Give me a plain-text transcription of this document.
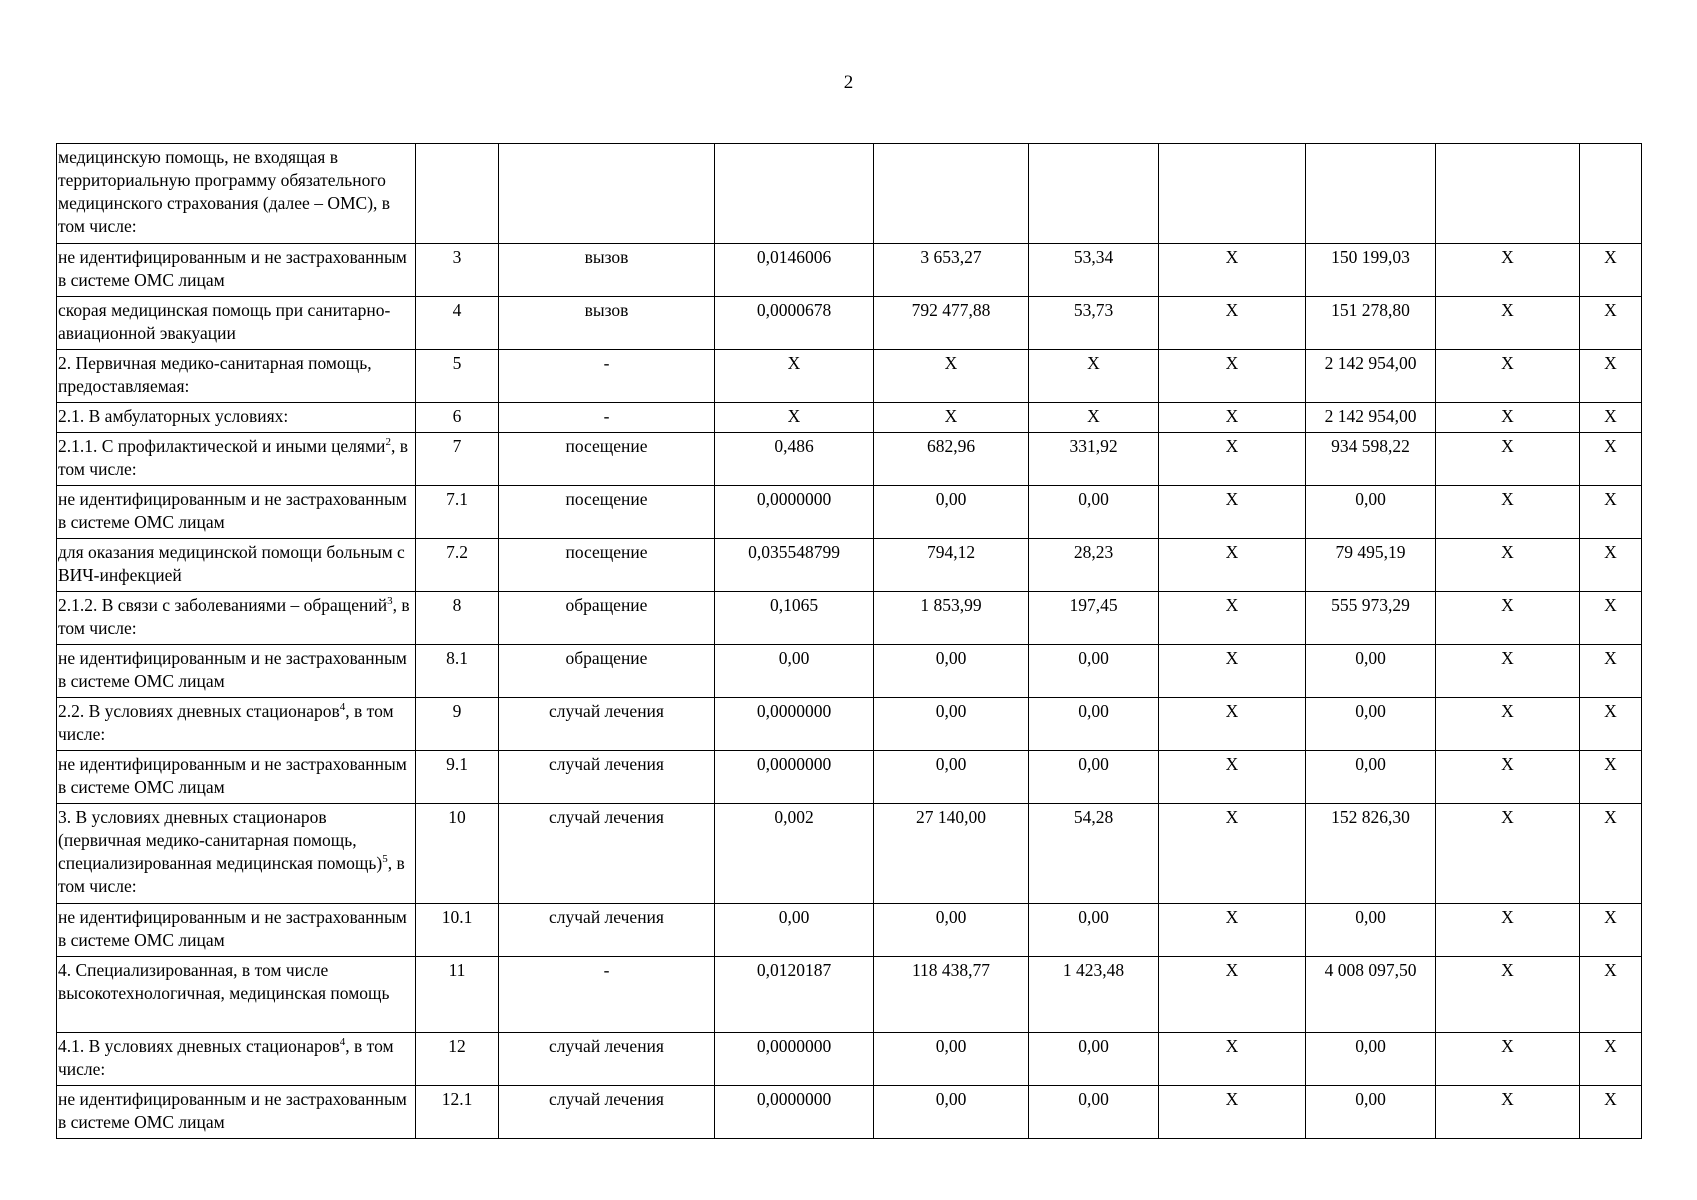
2
медицинскую помощь, не входящая в территориальную программу обязательного медицинского страхования (далее – ОМС), в том числе:									
не идентифицированным и не застрахованным в системе ОМС лицам	3	вызов	0,0146006	3 653,27	53,34	X	150 199,03	X	X
скорая медицинская помощь при санитарно-авиационной эвакуации	4	вызов	0,0000678	792 477,88	53,73	X	151 278,80	X	X
2. Первичная медико-санитарная помощь, предоставляемая:	5	-	X	X	X	X	2 142 954,00	X	X
2.1. В амбулаторных условиях:	6	-	X	X	X	X	2 142 954,00	X	X
2.1.1. С профилактической и иными целями$^2$, в том числе:	7	посещение	0,486	682,96	331,92	X	934 598,22	X	X
не идентифицированным и не застрахованным в системе ОМС лицам	7.1	посещение	0,0000000	0,00	0,00	X	0,00	X	X
для оказания медицинской помощи больным с ВИЧ-инфекцией	7.2	посещение	0,035548799	794,12	28,23	X	79 495,19	X	X
2.1.2. В связи с заболеваниями – обращений$^3$, в том числе:	8	обращение	0,1065	1 853,99	197,45	X	555 973,29	X	X
не идентифицированным и не застрахованным в системе ОМС лицам	8.1	обращение	0,00	0,00	0,00	X	0,00	X	X
2.2. В условиях дневных стационаров$^4$, в том числе:	9	случай лечения	0,0000000	0,00	0,00	X	0,00	X	X
не идентифицированным и не застрахованным в системе ОМС лицам	9.1	случай лечения	0,0000000	0,00	0,00	X	0,00	X	X
3. В условиях дневных стационаров (первичная медико-санитарная помощь, специализированная медицинская помощь)$^5$, в том числе:	10	случай лечения	0,002	27 140,00	54,28	X	152 826,30	X	X
не идентифицированным и не застрахованным в системе ОМС лицам	10.1	случай лечения	0,00	0,00	0,00	X	0,00	X	X
4. Специализированная, в том числе высокотехнологичная, медицинская помощь	11	-	0,0120187	118 438,77	1 423,48	X	4 008 097,50	X	X
4.1. В условиях дневных стационаров$^4$, в том числе:	12	случай лечения	0,0000000	0,00	0,00	X	0,00	X	X
не идентифицированным и не застрахованным в системе ОМС лицам	12.1	случай лечения	0,0000000	0,00	0,00	X	0,00	X	X
